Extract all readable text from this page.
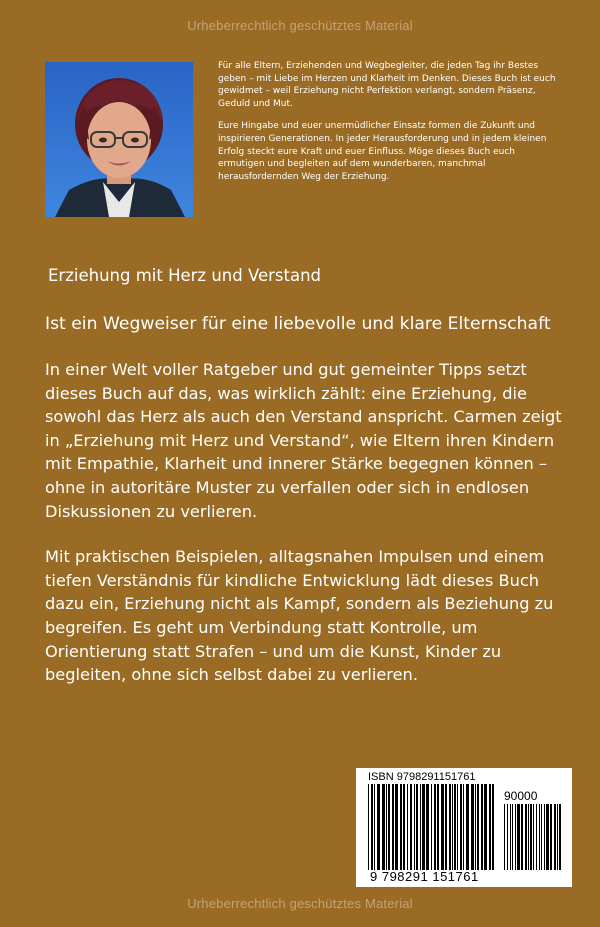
Urheberrechtlich geschütztes Material

Für alle Eltern, Erziehenden und Wegbegleiter, die jeden Tag ihr Bestes geben – mit Liebe im Herzen und Klarheit im Denken. Dieses Buch ist euch gewidmet – weil Erziehung nicht Perfektion verlangt, sondern Präsenz, Geduld und Mut.

Eure Hingabe und euer unermüdlicher Einsatz formen die Zukunft und inspirieren Generationen. In jeder Herausforderung und in jedem kleinen Erfolg steckt eure Kraft und euer Einfluss. Möge dieses Buch euch ermutigen und begleiten auf dem wunderbaren, manchmal herausfordernden Weg der Erziehung.

Erziehung mit Herz und Verstand
Ist ein Wegweiser für eine liebevolle und klare Elternschaft

In einer Welt voller Ratgeber und gut gemeinter Tipps setzt dieses Buch auf das, was wirklich zählt: eine Erziehung, die sowohl das Herz als auch den Verstand anspricht. Carmen zeigt in „Erziehung mit Herz und Verstand“, wie Eltern ihren Kindern mit Empathie, Klarheit und innerer Stärke begegnen können – ohne in autoritäre Muster zu verfallen oder sich in endlosen Diskussionen zu verlieren.

Mit praktischen Beispielen, alltagsnahen Impulsen und einem tiefen Verständnis für kindliche Entwicklung lädt dieses Buch dazu ein, Erziehung nicht als Kampf, sondern als Beziehung zu begreifen. Es geht um Verbindung statt Kontrolle, um Orientierung statt Strafen – und um die Kunst, Kinder zu begleiten, ohne sich selbst dabei zu verlieren.

ISBN 9798291151761
90000
9 798291 151761
Urheberrechtlich geschütztes Material
